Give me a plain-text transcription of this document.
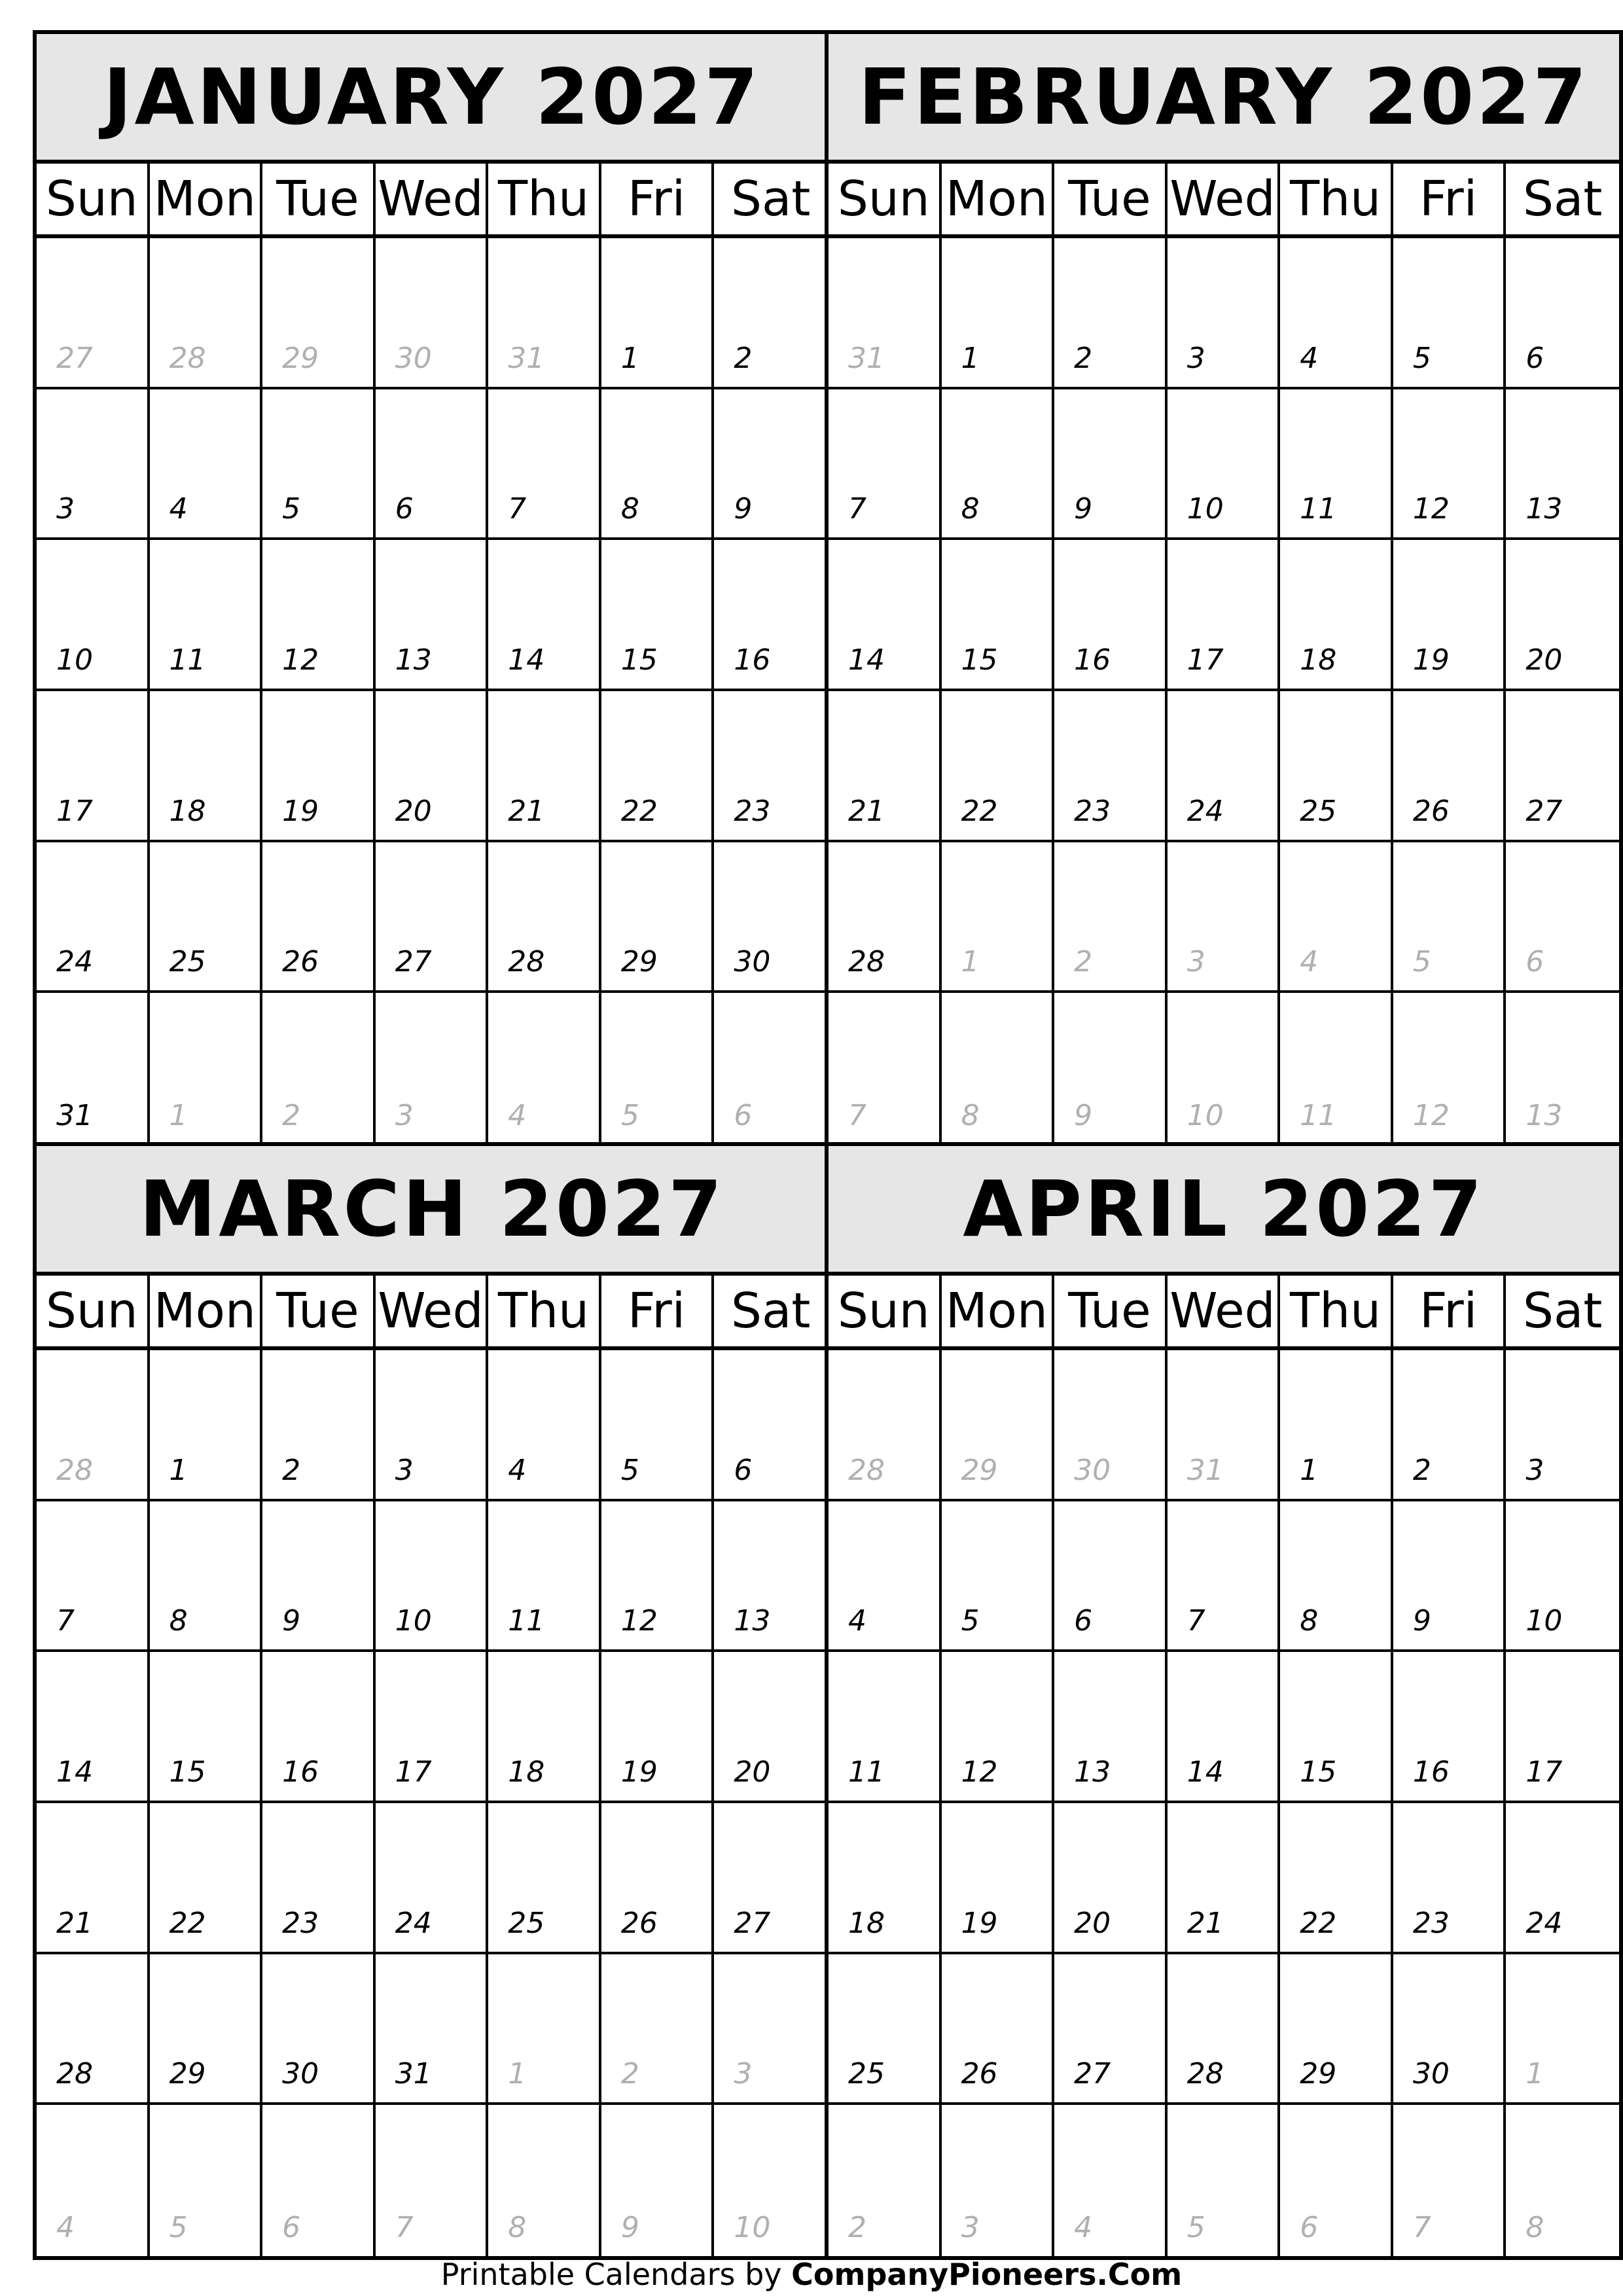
JANUARY 2027
Sun Mon Tue Wed Thu Fri Sat
27	28	29	30	31	1	2
3	4	5	6	7	8	9
10	11	12	13	14	15	16
17	18	19	20	21	22	23
24	25	26	27	28	29	30
31	1	2	3	4	5	6
FEBRUARY 2027
Sun Mon Tue Wed Thu Fri Sat
31	1	2	3	4	5	6
7	8	9	10	11	12	13
14	15	16	17	18	19	20
21	22	23	24	25	26	27
28	1	2	3	4	5	6
7	8	9	10	11	12	13
MARCH 2027
Sun Mon Tue Wed Thu Fri Sat
28	1	2	3	4	5	6
7	8	9	10	11	12	13
14	15	16	17	18	19	20
21	22	23	24	25	26	27
28	29	30	31	1	2	3
4	5	6	7	8	9	10
APRIL 2027
Sun Mon Tue Wed Thu Fri Sat
28	29	30	31	1	2	3
4	5	6	7	8	9	10
11	12	13	14	15	16	17
18	19	20	21	22	23	24
25	26	27	28	29	30	1
2	3	4	5	6	7	8
Printable Calendars by CompanyPioneers.Com
